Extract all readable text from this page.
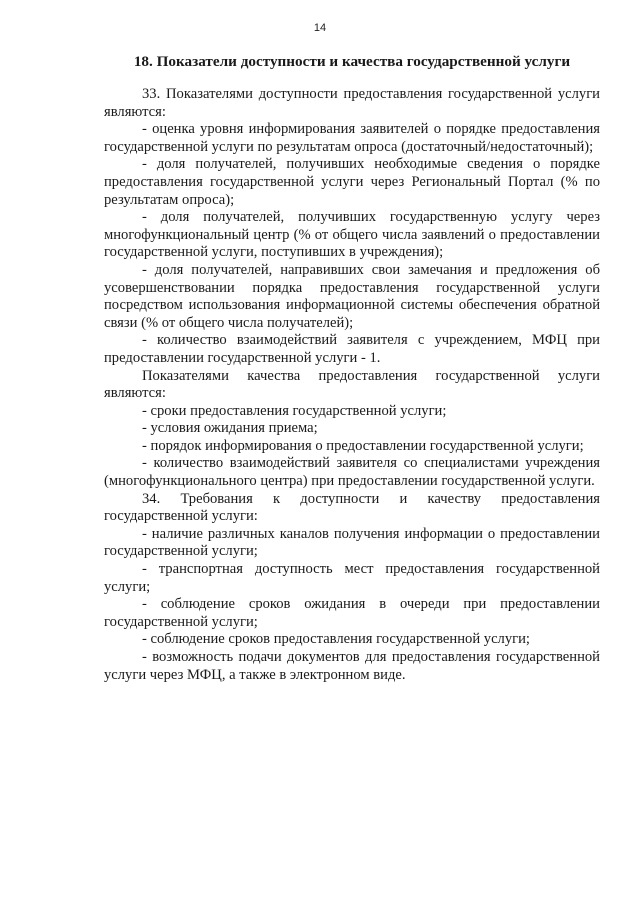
14
18. Показатели доступности и качества государственной услуги

33. Показателями доступности предоставления государственной услуги являются:

- оценка уровня информирования заявителей о порядке предоставления государственной услуги по результатам опроса (достаточный/недостаточный);

- доля получателей, получивших необходимые сведения о порядке предоставления государственной услуги через Региональный Портал (% по результатам опроса);

- доля получателей, получивших государственную услугу через многофункциональный центр (% от общего числа заявлений о предоставлении государственной услуги, поступивших в учреждения);

- доля получателей, направивших свои замечания и предложения об усовершенствовании порядка предоставления государственной услуги посредством использования информационной системы обеспечения обратной связи (% от общего числа получателей);

- количество взаимодействий заявителя с учреждением, МФЦ при предоставлении государственной услуги - 1.

Показателями качества предоставления государственной услуги являются:

- сроки предоставления государственной услуги;

- условия ожидания приема;

- порядок информирования о предоставлении государственной услуги;

- количество взаимодействий заявителя со специалистами учреждения (многофункционального центра) при предоставлении государственной услуги.

34. Требования к доступности и качеству предоставления государственной услуги:

- наличие различных каналов получения информации о предоставлении государственной услуги;

- транспортная доступность мест предоставления государственной услуги;

- соблюдение сроков ожидания в очереди при предоставлении государственной услуги;

- соблюдение сроков предоставления государственной услуги;

- возможность подачи документов для предоставления государственной услуги через МФЦ, а также в электронном виде.
